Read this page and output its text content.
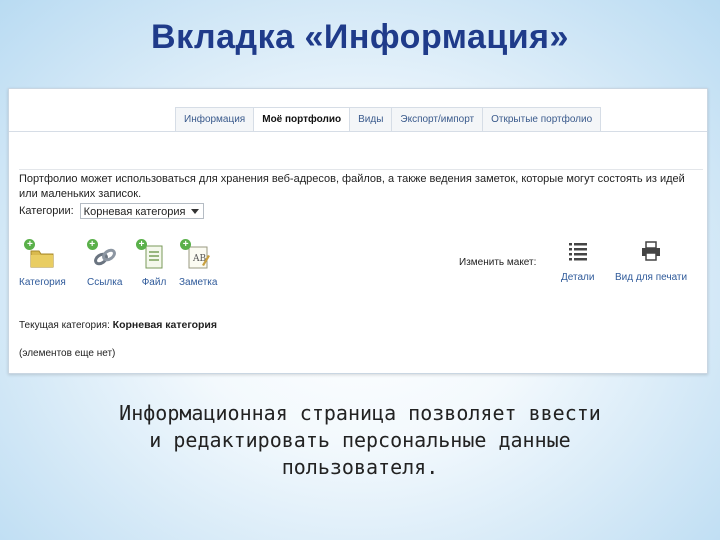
Вкладка «Информация»
Информация	Моё портфолио	Виды	Экспорт/импорт	Открытые портфолио
Портфолио может использоваться для хранения веб-адресов, файлов, а также ведения заметок, которые могут состоять из идей или маленьких записок.
Категории: Корневая категория
+
Категория
+
Ссылка
+
Файл
AB
+
Заметка
Изменить макет:
Детали Вид для печати
Текущая категория: Корневая категория
(элементов еще нет)
Информационная страница позволяет ввести
и редактировать персональные данные
пользователя.
